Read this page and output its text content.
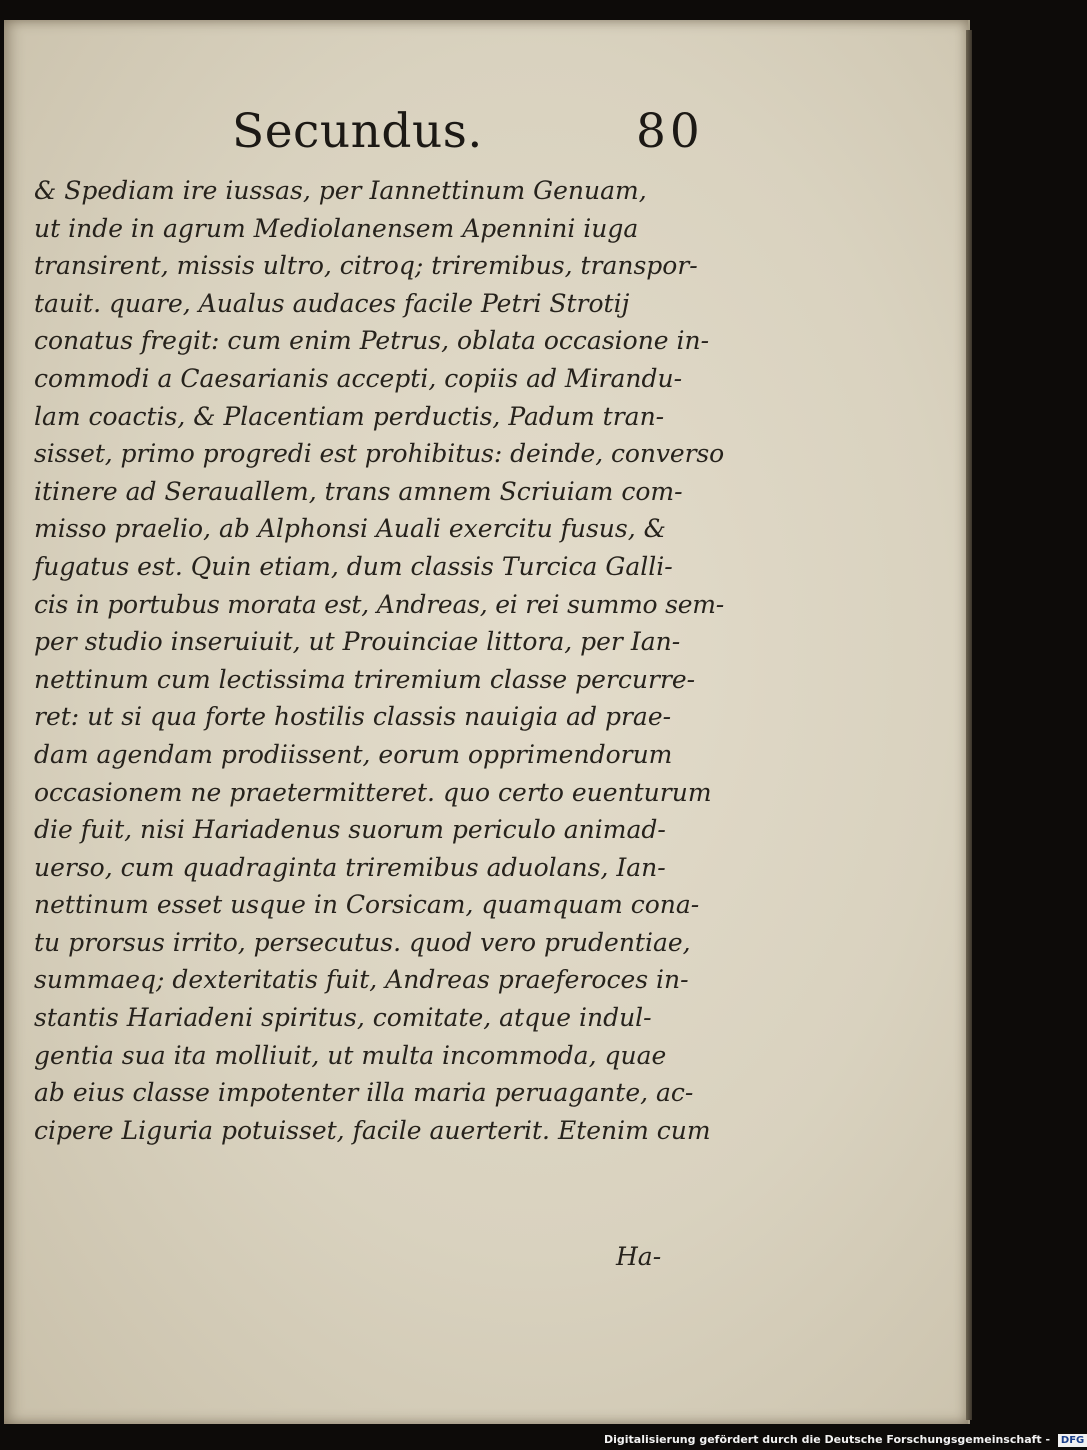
Secundus.	80
& Spediam ire iussas, per Iannettinum Genuam,
ut inde in agrum Mediolanensem Apennini iuga
transirent, missis ultro, citroq; triremibus, transpor-
tauit. quare, Aualus audaces facile Petri Strotij
conatus fregit: cum enim Petrus, oblata occasione in-
commodi a Caesarianis accepti, copiis ad Mirandu-
lam coactis, & Placentiam perductis, Padum tran-
sisset, primo progredi est prohibitus: deinde, converso
itinere ad Serauallem, trans amnem Scriuiam com-
misso praelio, ab Alphonsi Auali exercitu fusus, &
fugatus est. Quin etiam, dum classis Turcica Galli-
cis in portubus morata est, Andreas, ei rei summo sem-
per studio inseruiuit, ut Prouinciae littora, per Ian-
nettinum cum lectissima triremium classe percurre-
ret: ut si qua forte hostilis classis nauigia ad prae-
dam agendam prodiissent, eorum opprimendorum
occasionem ne praetermitteret. quo certo euenturum
die fuit, nisi Hariadenus suorum periculo animad-
uerso, cum quadraginta triremibus aduolans, Ian-
nettinum esset usque in Corsicam, quamquam cona-
tu prorsus irrito, persecutus. quod vero prudentiae,
summaeq; dexteritatis fuit, Andreas praeferoces in-
stantis Hariadeni spiritus, comitate, atque indul-
gentia sua ita molliuit, ut multa incommoda, quae
ab eius classe impotenter illa maria peruagante, ac-
cipere Liguria potuisset, facile auerterit. Etenim cum
Ha-
Digitalisierung gefördert durch die Deutsche Forschungsgemeinschaft - DFG
